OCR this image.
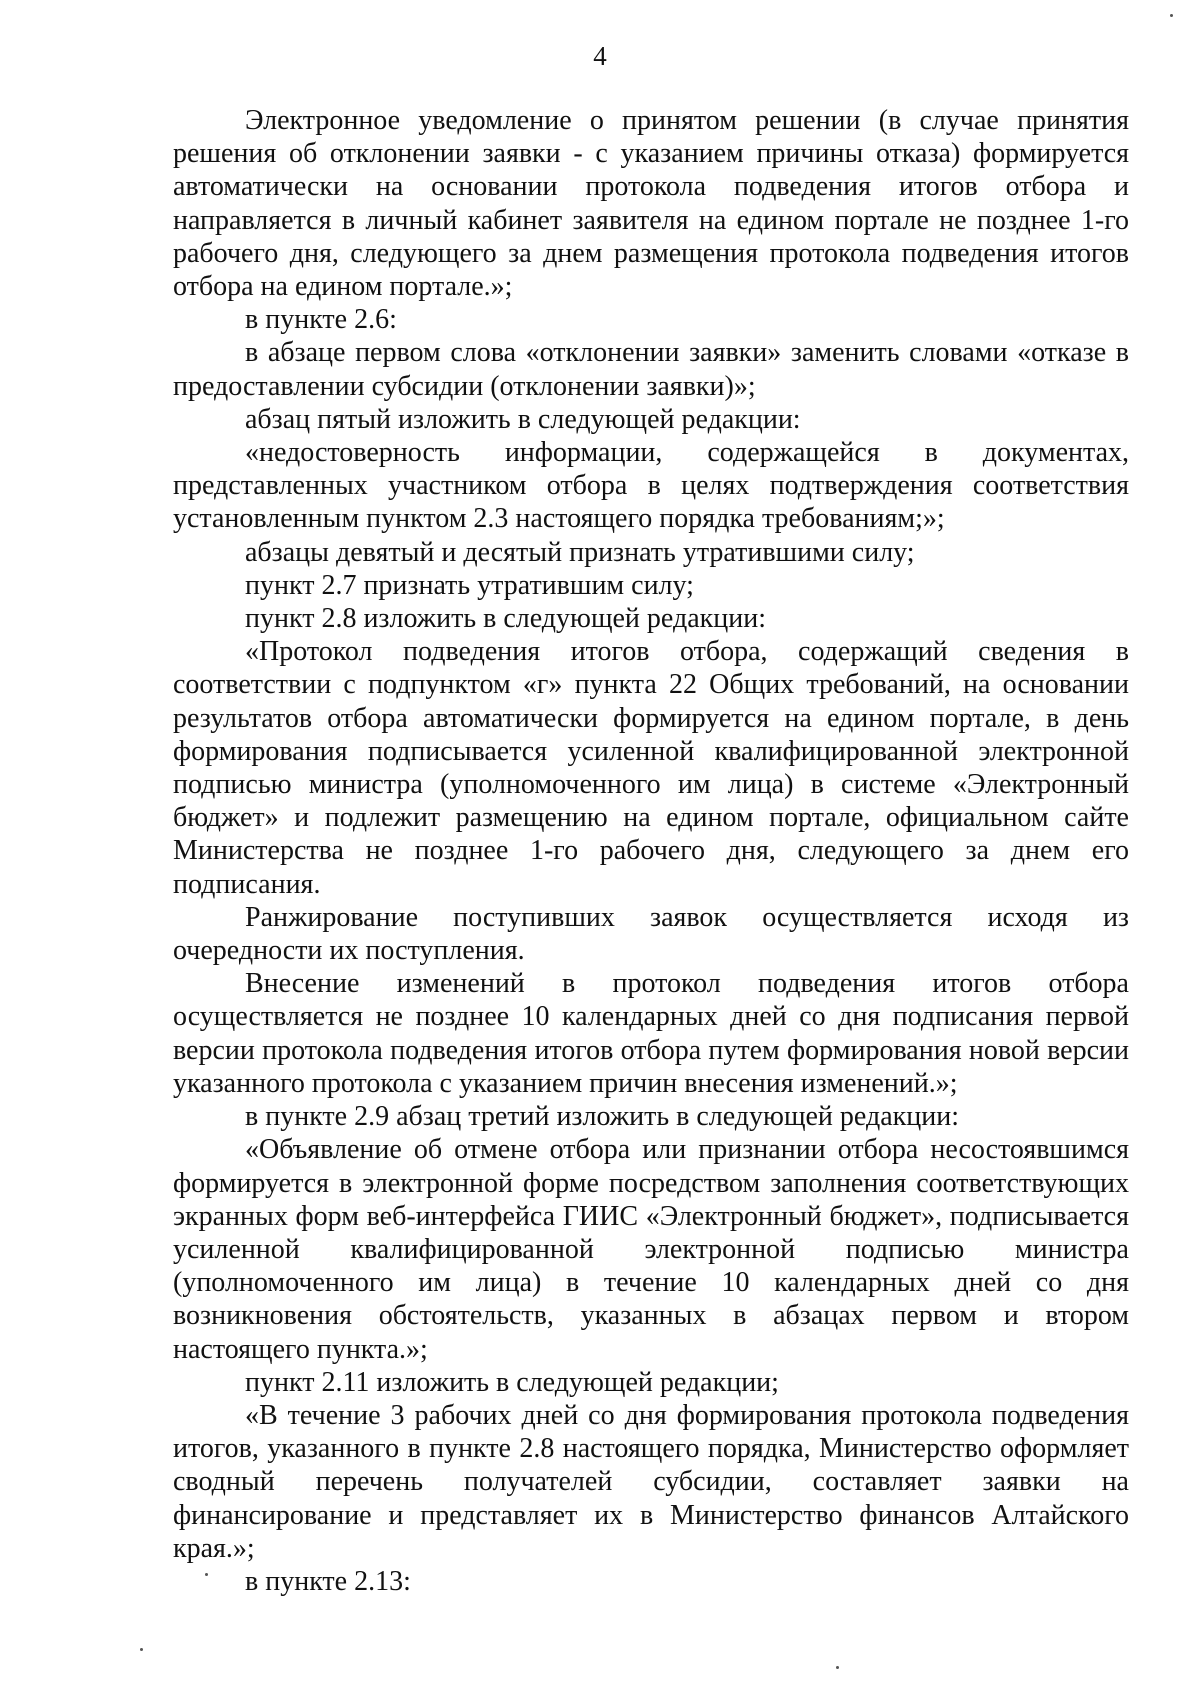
4

Электронное уведомление о принятом решении (в случае принятия решения об отклонении заявки - с указанием причины отказа) формируется автоматически на основании протокола подведения итогов отбора и направляется в личный кабинет заявителя на едином портале не позднее 1-го рабочего дня, следующего за днем размещения протокола подведения итогов отбора на едином портале.»;

в пункте 2.6:

в абзаце первом слова «отклонении заявки» заменить словами «отказе в предоставлении субсидии (отклонении заявки)»;

абзац пятый изложить в следующей редакции:

«недостоверность информации, содержащейся в документах, представленных участником отбора в целях подтверждения соответствия установленным пунктом 2.3 настоящего порядка требованиям;»;

абзацы девятый и десятый признать утратившими силу;

пункт 2.7 признать утратившим силу;

пункт 2.8 изложить в следующей редакции:

«Протокол подведения итогов отбора, содержащий сведения в соответствии с подпунктом «г» пункта 22 Общих требований, на основании результатов отбора автоматически формируется на едином портале, в день формирования подписывается усиленной квалифицированной электронной подписью министра (уполномоченного им лица) в системе «Электронный бюджет» и подлежит размещению на едином портале, официальном сайте Министерства не позднее 1-го рабочего дня, следующего за днем его подписания.

Ранжирование поступивших заявок осуществляется исходя из очередности их поступления.

Внесение изменений в протокол подведения итогов отбора осуществляется не позднее 10 календарных дней со дня подписания первой версии протокола подведения итогов отбора путем формирования новой версии указанного протокола с указанием причин внесения изменений.»;

в пункте 2.9 абзац третий изложить в следующей редакции:

«Объявление об отмене отбора или признании отбора несостоявшимся формируется в электронной форме посредством заполнения соответствующих экранных форм веб-интерфейса ГИИС «Электронный бюджет», подписывается усиленной квалифицированной электронной подписью министра (уполномоченного им лица) в течение 10 календарных дней со дня возникновения обстоятельств, указанных в абзацах первом и втором настоящего пункта.»;

пункт 2.11 изложить в следующей редакции;

«В течение 3 рабочих дней со дня формирования протокола подведения итогов, указанного в пункте 2.8 настоящего порядка, Министерство оформляет сводный перечень получателей субсидии, составляет заявки на финансирование и представляет их в Министерство финансов Алтайского края.»;

в пункте 2.13:
